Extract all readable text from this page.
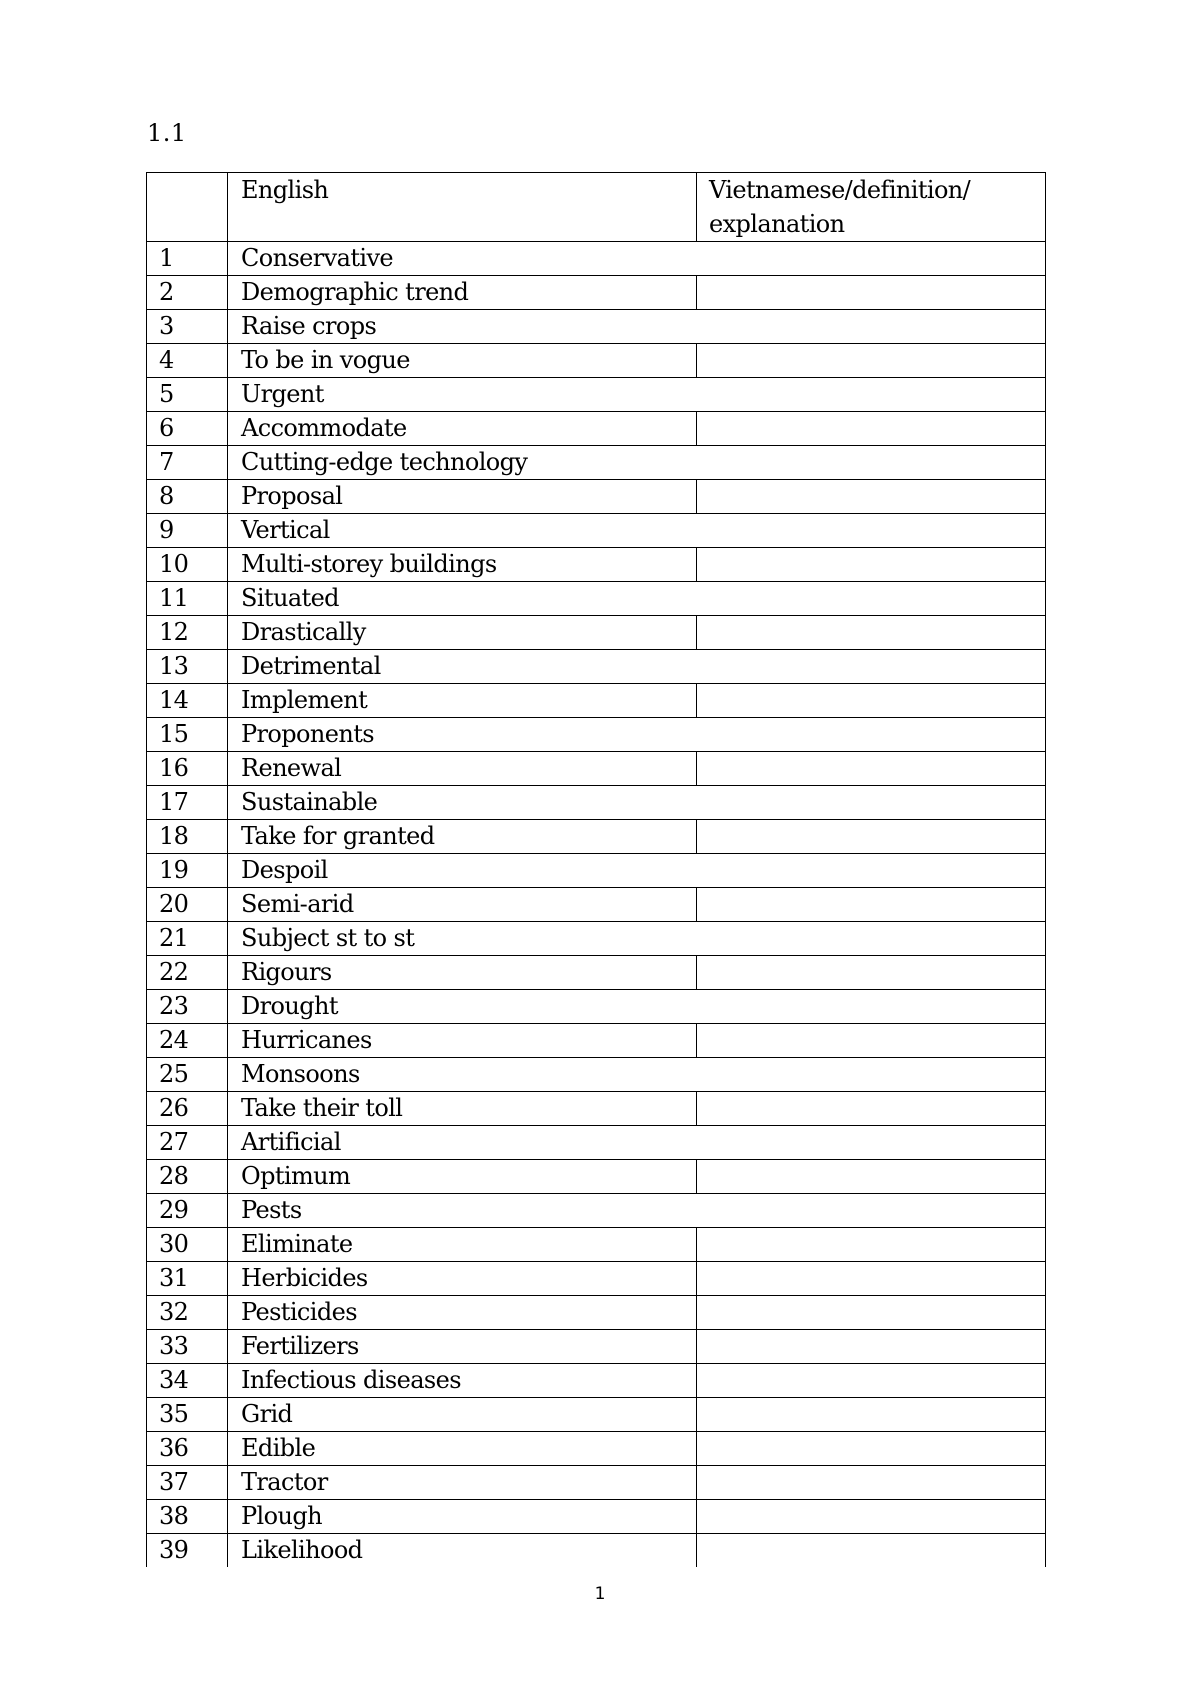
1.1
	English	Vietnamese/definition/ explanation
1	Conservative	
2	Demographic trend	
3	Raise crops	
4	To be in vogue	
5	Urgent	
6	Accommodate	
7	Cutting-edge technology	
8	Proposal	
9	Vertical	
10	Multi-storey buildings	
11	Situated	
12	Drastically	
13	Detrimental	
14	Implement	
15	Proponents	
16	Renewal	
17	Sustainable	
18	Take for granted	
19	Despoil	
20	Semi-arid	
21	Subject st to st	
22	Rigours	
23	Drought	
24	Hurricanes	
25	Monsoons	
26	Take their toll	
27	Artificial	
28	Optimum	
29	Pests	
30	Eliminate	
31	Herbicides	
32	Pesticides	
33	Fertilizers	
34	Infectious diseases	
35	Grid	
36	Edible	
37	Tractor	
38	Plough	
39	Likelihood	
1
